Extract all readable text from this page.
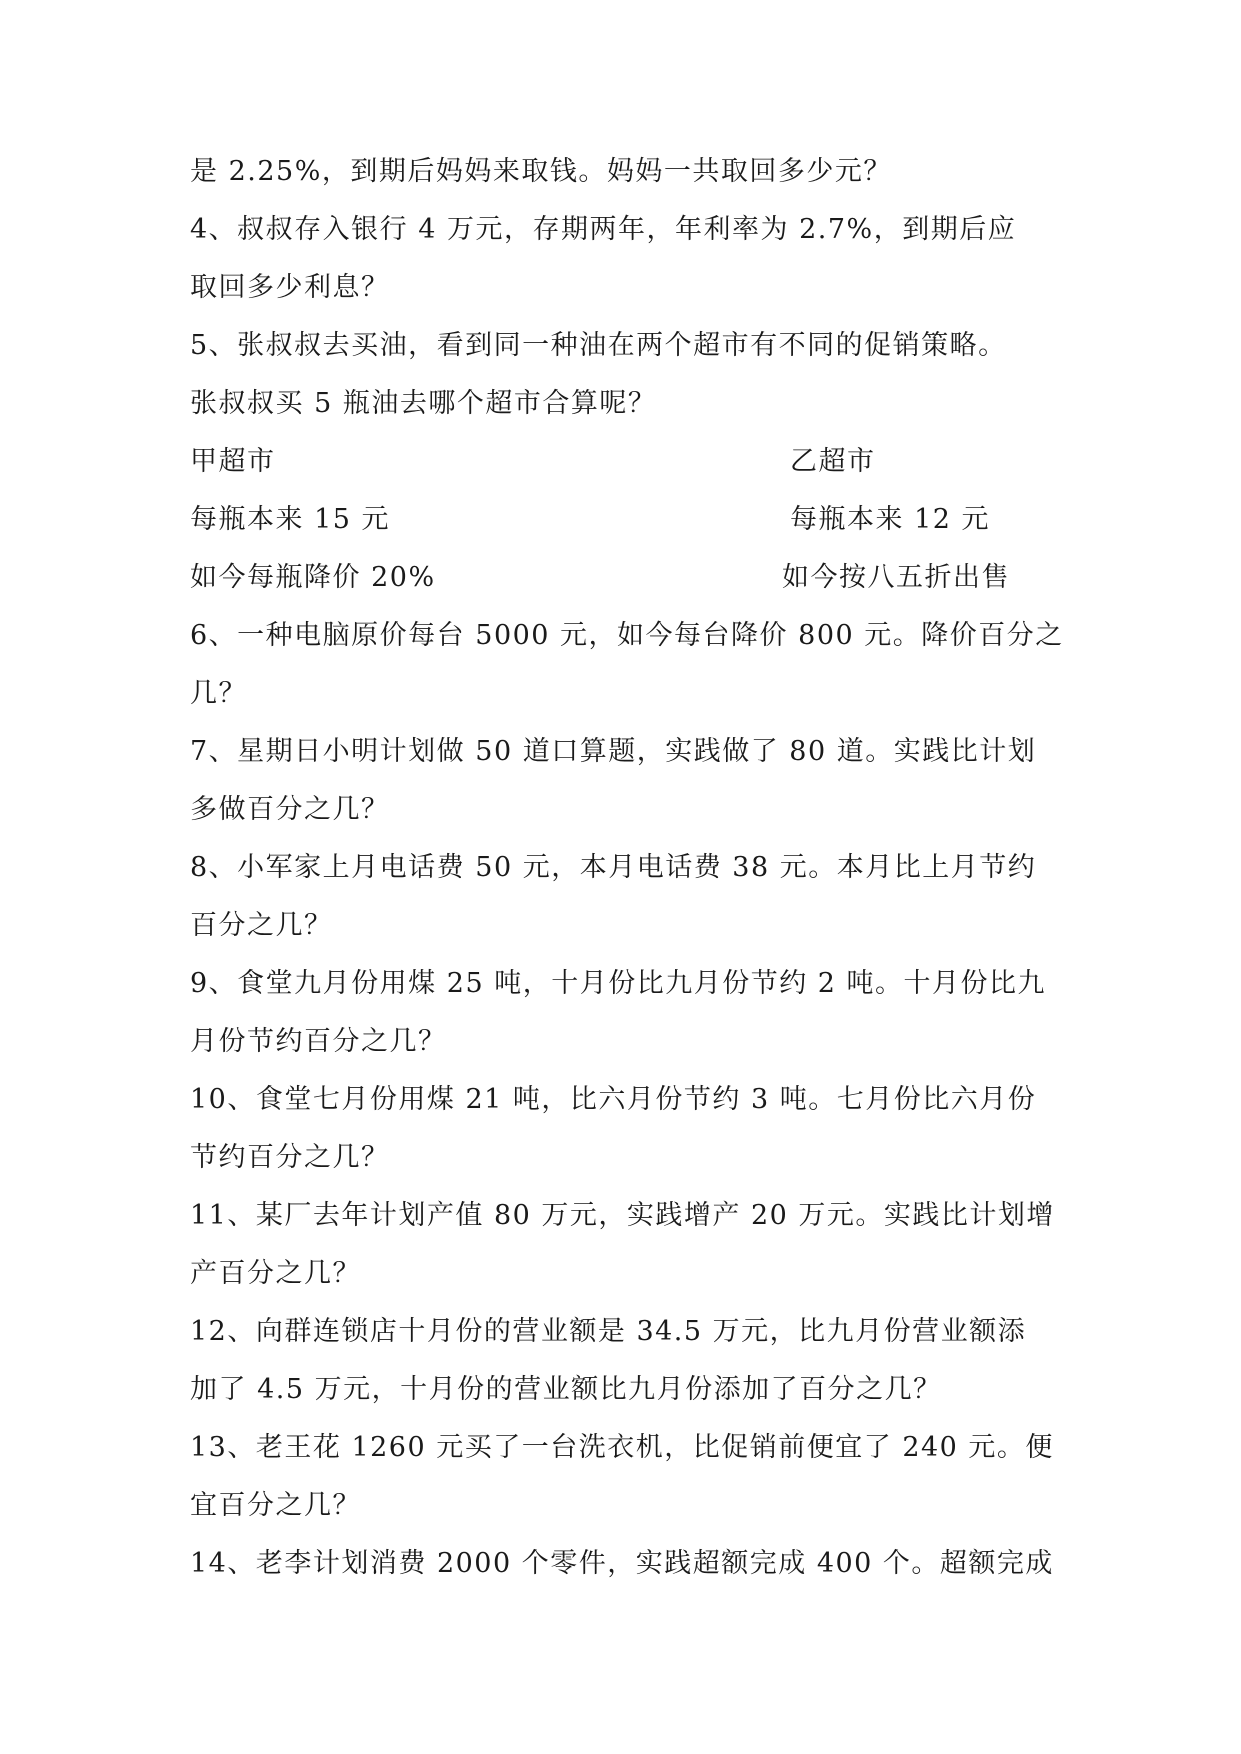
是 2.25%，到期后妈妈来取钱。妈妈一共取回多少元？
4、叔叔存入银行 4 万元，存期两年，年利率为 2.7%，到期后应
取回多少利息？
5、张叔叔去买油，看到同一种油在两个超市有不同的促销策略。
张叔叔买 5 瓶油去哪个超市合算呢？
甲超市	乙超市
每瓶本来 15 元	每瓶本来 12 元
如今每瓶降价 20%	如今按八五折出售
6、一种电脑原价每台 5000 元，如今每台降价 800 元。降价百分之
几？
7、星期日小明计划做 50 道口算题，实践做了 80 道。实践比计划
多做百分之几？
8、小军家上月电话费 50 元，本月电话费 38 元。本月比上月节约
百分之几？
9、食堂九月份用煤 25 吨，十月份比九月份节约 2 吨。十月份比九
月份节约百分之几？
10、食堂七月份用煤 21 吨，比六月份节约 3 吨。七月份比六月份
节约百分之几？
11、某厂去年计划产值 80 万元，实践增产 20 万元。实践比计划增
产百分之几？
12、向群连锁店十月份的营业额是 34.5 万元，比九月份营业额添
加了 4.5 万元，十月份的营业额比九月份添加了百分之几？
13、老王花 1260 元买了一台洗衣机，比促销前便宜了 240 元。便
宜百分之几？
14、老李计划消费 2000 个零件，实践超额完成 400 个。超额完成
